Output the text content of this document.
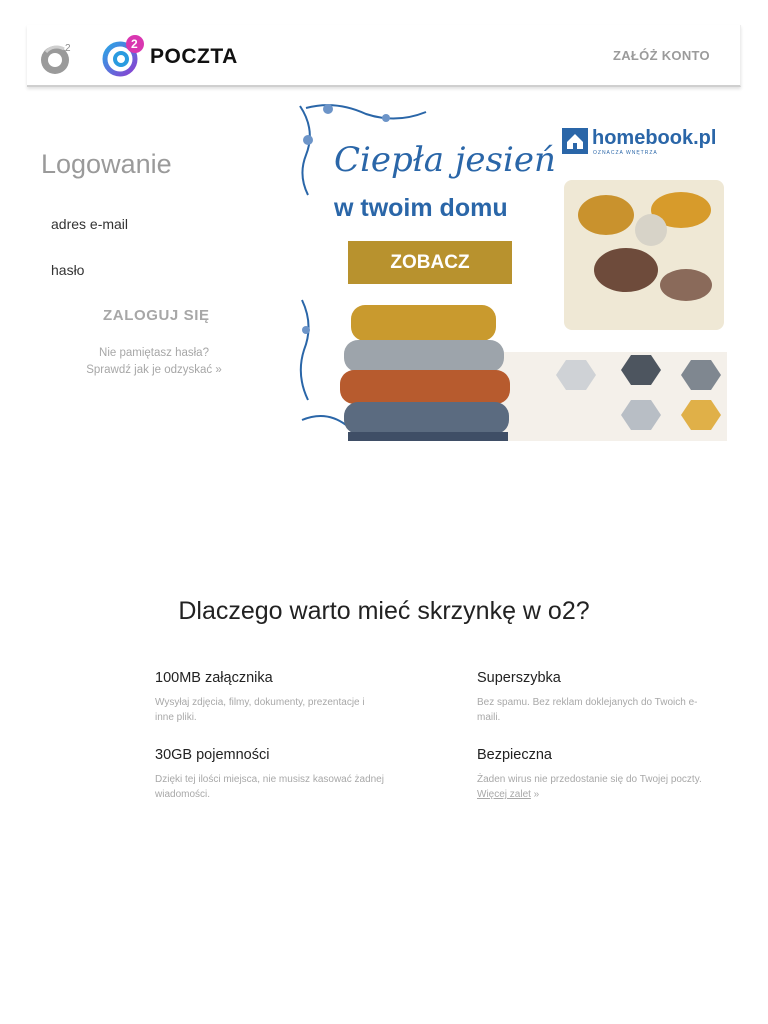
2	2
POCZTA	ZAŁÓŻ KONTO
Logowanie
adres e-mail
hasło
ZALOGUJ SIĘ
Nie pamiętasz hasła?
Sprawdź jak je odzyskać »
Ciepła jesień
w twoim domu
ZOBACZ
homebook.pl
OZNACZA WNĘTRZA
Dlaczego warto mieć skrzynkę w o2?
100MB załącznika

Wysyłaj zdjęcia, filmy, dokumenty, prezentacje i inne pliki.

Superszybka

Bez spamu. Bez reklam doklejanych do Twoich e-maili.

30GB pojemności

Dzięki tej ilości miejsca, nie musisz kasować żadnej wiadomości.

Bezpieczna

Żaden wirus nie przedostanie się do Twojej poczty. Więcej zalet »
